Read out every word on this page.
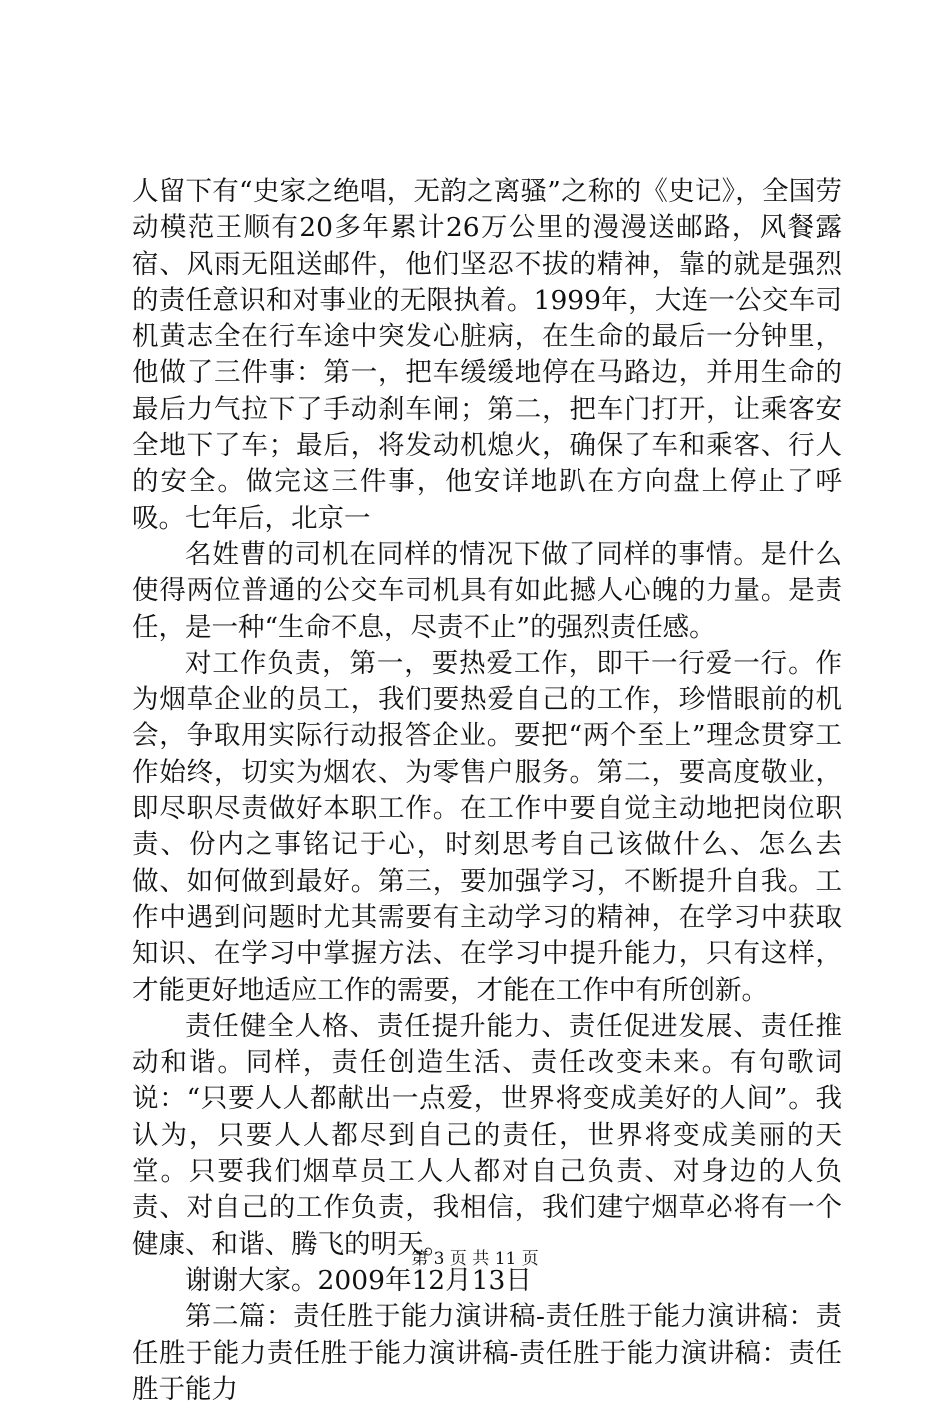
人留下有“史家之绝唱，无韵之离骚”之称的《史记》，全国劳动模范王顺有20多年累计26万公里的漫漫送邮路，风餐露宿、风雨无阻送邮件，他们坚忍不拔的精神，靠的就是强烈的责任意识和对事业的无限执着。1999年，大连一公交车司机黄志全在行车途中突发心脏病，在生命的最后一分钟里，他做了三件事：第一，把车缓缓地停在马路边，并用生命的最后力气拉下了手动刹车闸；第二，把车门打开，让乘客安全地下了车；最后，将发动机熄火，确保了车和乘客、行人的安全。做完这三件事，他安详地趴在方向盘上停止了呼吸。七年后，北京一

名姓曹的司机在同样的情况下做了同样的事情。是什么使得两位普通的公交车司机具有如此撼人心魄的力量。是责任，是一种“生命不息，尽责不止”的强烈责任感。

对工作负责，第一，要热爱工作，即干一行爱一行。作为烟草企业的员工，我们要热爱自己的工作，珍惜眼前的机会，争取用实际行动报答企业。要把“两个至上”理念贯穿工作始终，切实为烟农、为零售户服务。第二，要高度敬业，即尽职尽责做好本职工作。在工作中要自觉主动地把岗位职责、份内之事铭记于心，时刻思考自己该做什么、怎么去做、如何做到最好。第三，要加强学习，不断提升自我。工作中遇到问题时尤其需要有主动学习的精神，在学习中获取知识、在学习中掌握方法、在学习中提升能力，只有这样，才能更好地适应工作的需要，才能在工作中有所创新。

责任健全人格、责任提升能力、责任促进发展、责任推动和谐。同样，责任创造生活、责任改变未来。有句歌词说：“只要人人都献出一点爱，世界将变成美好的人间”。我认为，只要人人都尽到自己的责任，世界将变成美丽的天堂。只要我们烟草员工人人都对自己负责、对身边的人负责、对自己的工作负责，我相信，我们建宁烟草必将有一个健康、和谐、腾飞的明天。

谢谢大家。2009年12月13日

第二篇：责任胜于能力演讲稿-责任胜于能力演讲稿：责任胜于能力责任胜于能力演讲稿-责任胜于能力演讲稿：责任胜于能力

第 3 页 共 11 页
